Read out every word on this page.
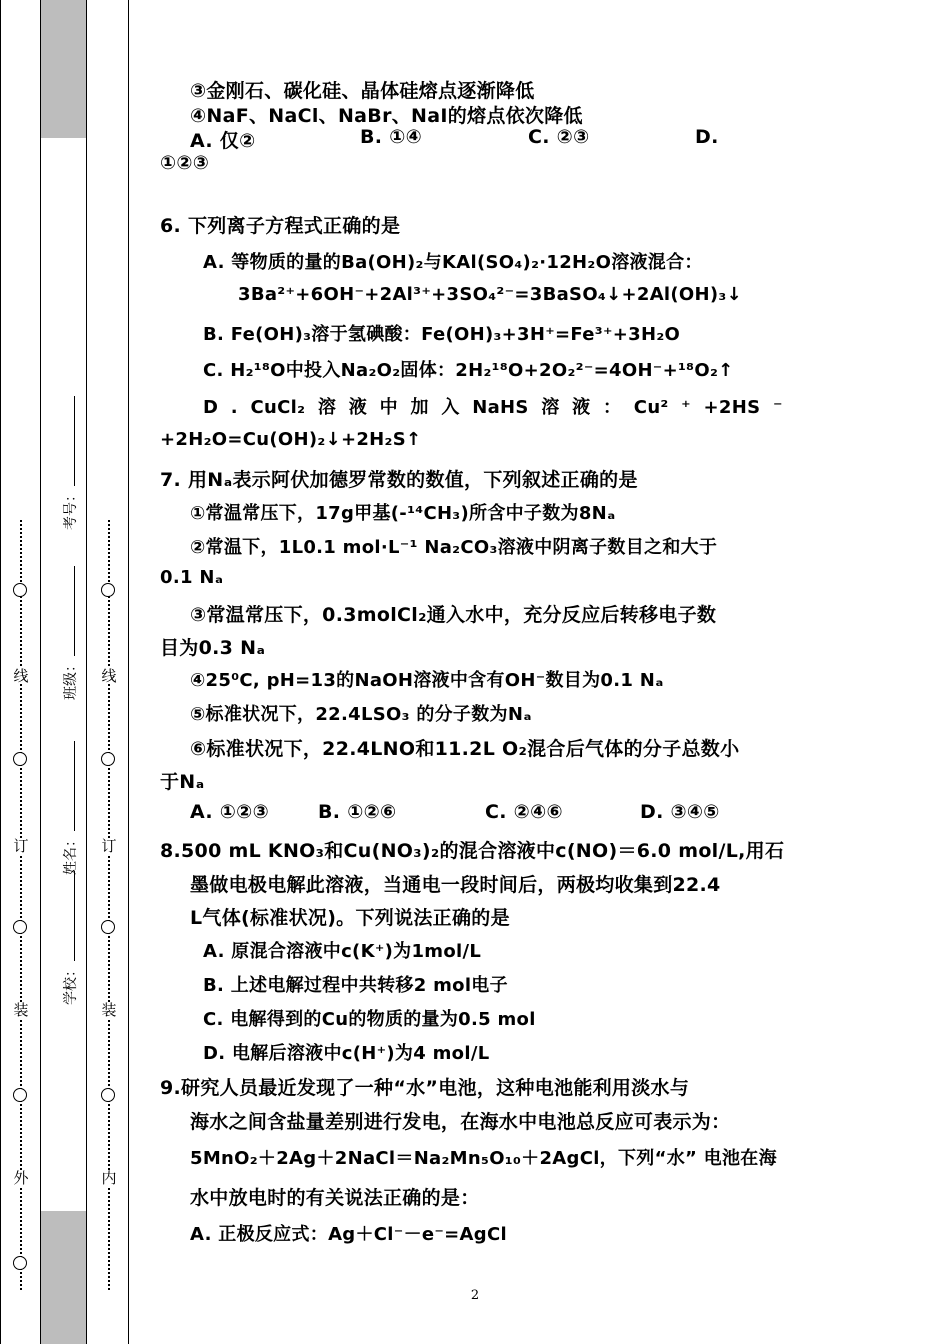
线
订
装
外
线
订
装
内
学校：
姓名：
班级：
考号：
③金刚石、碳化硅、晶体硅熔点逐渐降低
④NaF、NaCl、NaBr、NaI的熔点依次降低
A. 仅②	B. ①④	C. ②③	D.
①②③
6. 下列离子方程式正确的是
A. 等物质的量的Ba(OH)₂与KAl(SO₄)₂·12H₂O溶液混合：
3Ba²⁺+6OH⁻+2Al³⁺+3SO₄²⁻=3BaSO₄↓+2Al(OH)₃↓
B. Fe(OH)₃溶于氢碘酸：Fe(OH)₃+3H⁺=Fe³⁺+3H₂O
C. H₂¹⁸O中投入Na₂O₂固体：2H₂¹⁸O+2O₂²⁻=4OH⁻+¹⁸O₂↑
D . CuCl₂ 溶 液 中 加 入 NaHS 溶 液 ： Cu² ⁺ +2HS ⁻
+2H₂O=Cu(OH)₂↓+2H₂S↑
7. 用Nₐ表示阿伏加德罗常数的数值，下列叙述正确的是
①常温常压下，17g甲基(-¹⁴CH₃)所含中子数为8Nₐ
②常温下，1L0.1 mol·L⁻¹ Na₂CO₃溶液中阴离子数目之和大于
0.1 Nₐ
③常温常压下，0.3molCl₂通入水中，充分反应后转移电子数
目为0.3 Nₐ
④25⁰C, pH=13的NaOH溶液中含有OH⁻数目为0.1 Nₐ
⑤标准状况下，22.4LSO₃ 的分子数为Nₐ
⑥标准状况下，22.4LNO和11.2L O₂混合后气体的分子总数小
于Nₐ
A. ①②③	B. ①②⑥	C. ②④⑥	D. ③④⑤
8.500 mL KNO₃和Cu(NO₃)₂的混合溶液中c(NO)＝6.0 mol/L,用石
墨做电极电解此溶液，当通电一段时间后，两极均收集到22.4
L气体(标准状况)。下列说法正确的是
A. 原混合溶液中c(K⁺)为1mol/L
B. 上述电解过程中共转移2 mol电子
C. 电解得到的Cu的物质的量为0.5 mol
D. 电解后溶液中c(H⁺)为4 mol/L
9.研究人员最近发现了一种“水”电池，这种电池能利用淡水与
海水之间含盐量差别进行发电，在海水中电池总反应可表示为：
5MnO₂＋2Ag＋2NaCl＝Na₂Mn₅O₁₀＋2AgCl，下列“水” 电池在海
水中放电时的有关说法正确的是：
A. 正极反应式：Ag＋Cl⁻－e⁻=AgCl
2
